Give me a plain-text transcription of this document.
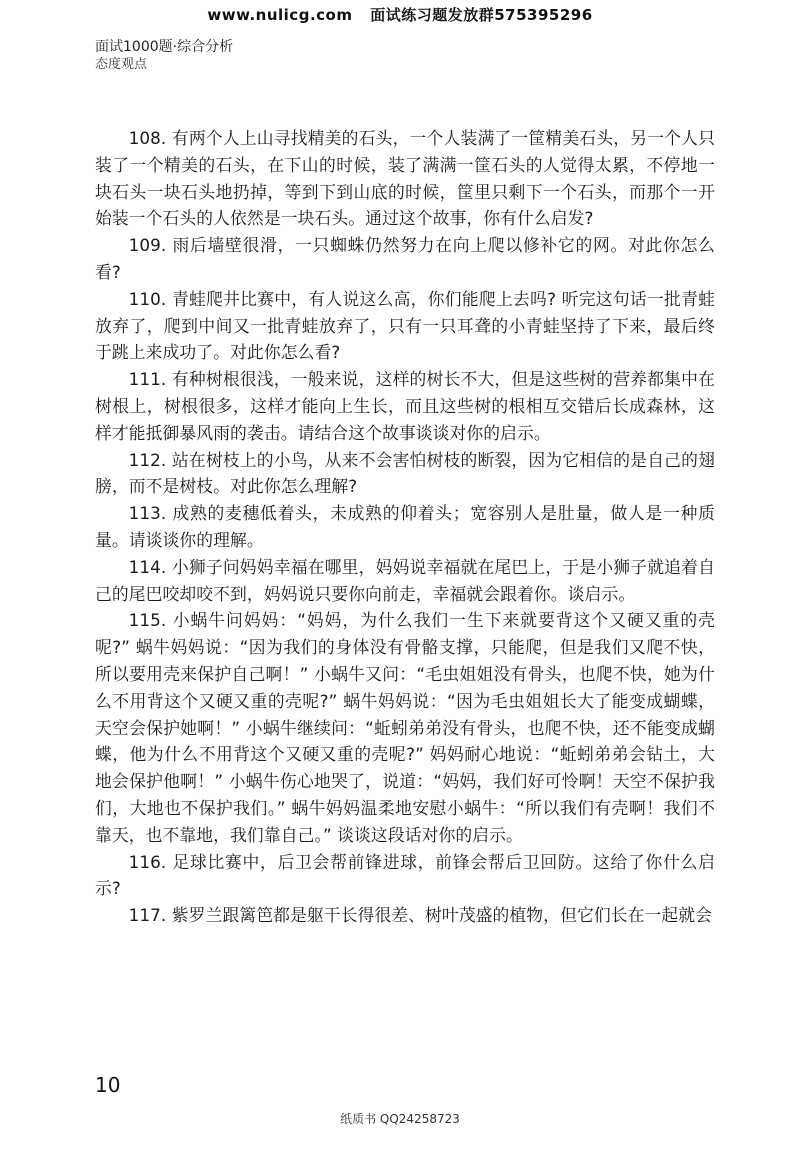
www.nulicg.com 面试练习题发放群575395296
面试1000题·综合分析
态度观点

108. 有两个人上山寻找精美的石头，一个人装满了一筐精美石头，另一个人只装了一个精美的石头，在下山的时候，装了满满一筐石头的人觉得太累，不停地一块石头一块石头地扔掉，等到下到山底的时候，筐里只剩下一个石头，而那个一开始装一个石头的人依然是一块石头。通过这个故事，你有什么启发?

109. 雨后墙壁很滑，一只蜘蛛仍然努力在向上爬以修补它的网。对此你怎么看?

110. 青蛙爬井比赛中，有人说这么高，你们能爬上去吗? 听完这句话一批青蛙放弃了，爬到中间又一批青蛙放弃了，只有一只耳聋的小青蛙坚持了下来，最后终于跳上来成功了。对此你怎么看?

111. 有种树根很浅，一般来说，这样的树长不大，但是这些树的营养都集中在树根上，树根很多，这样才能向上生长，而且这些树的根相互交错后长成森林，这样才能抵御暴风雨的袭击。请结合这个故事谈谈对你的启示。

112. 站在树枝上的小鸟，从来不会害怕树枝的断裂，因为它相信的是自己的翅膀，而不是树枝。对此你怎么理解?

113. 成熟的麦穗低着头，未成熟的仰着头；宽容别人是肚量，做人是一种质量。请谈谈你的理解。

114. 小狮子问妈妈幸福在哪里，妈妈说幸福就在尾巴上，于是小狮子就追着自己的尾巴咬却咬不到，妈妈说只要你向前走，幸福就会跟着你。谈启示。

115. 小蜗牛问妈妈：“妈妈，为什么我们一生下来就要背这个又硬又重的壳呢?” 蜗牛妈妈说：“因为我们的身体没有骨骼支撑，只能爬，但是我们又爬不快，所以要用壳来保护自己啊！” 小蜗牛又问：“毛虫姐姐没有骨头，也爬不快，她为什么不用背这个又硬又重的壳呢?” 蜗牛妈妈说：“因为毛虫姐姐长大了能变成蝴蝶，天空会保护她啊！” 小蜗牛继续问：“蚯蚓弟弟没有骨头，也爬不快，还不能变成蝴蝶，他为什么不用背这个又硬又重的壳呢?” 妈妈耐心地说：“蚯蚓弟弟会钻土，大地会保护他啊！” 小蜗牛伤心地哭了，说道：“妈妈，我们好可怜啊！天空不保护我们，大地也不保护我们。” 蜗牛妈妈温柔地安慰小蜗牛：“所以我们有壳啊！我们不靠天，也不靠地，我们靠自己。” 谈谈这段话对你的启示。

116. 足球比赛中，后卫会帮前锋进球，前锋会帮后卫回防。这给了你什么启示?

117. 紫罗兰跟篱笆都是躯干长得很差、树叶茂盛的植物，但它们长在一起就会

10
纸质书 QQ24258723
